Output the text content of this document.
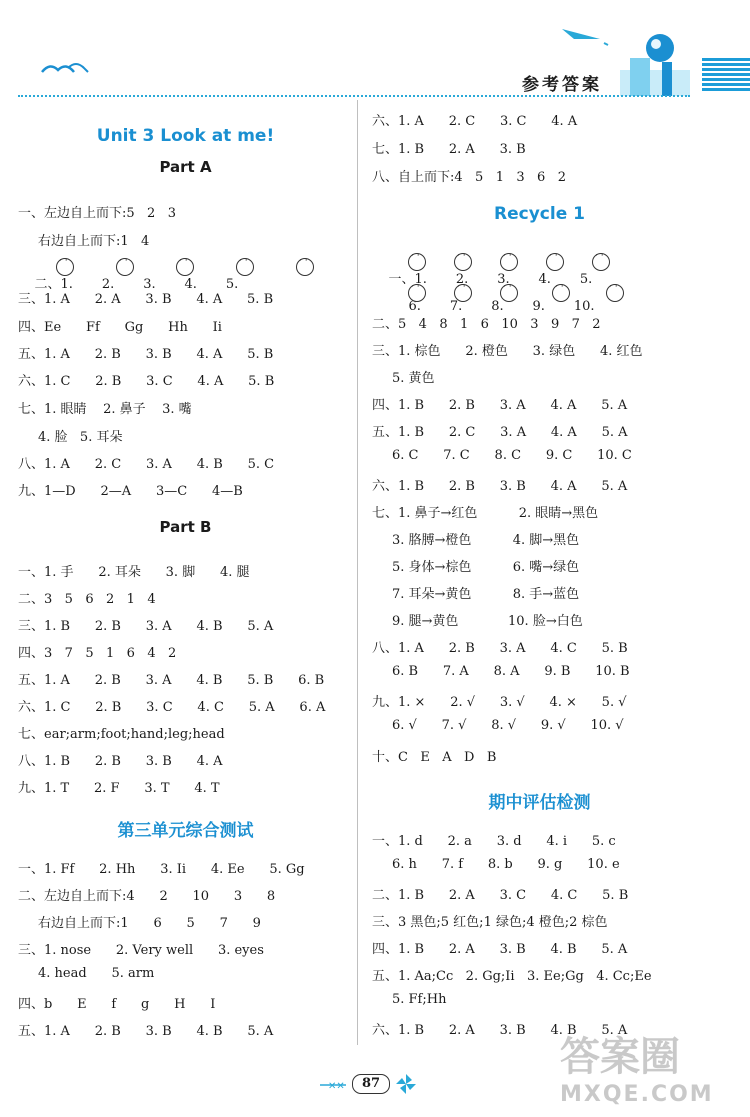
参考答案
Unit 3 Look at me!
Part A
一、左边自上而下:5   2   3
右边自上而下:1   4

二、1.       2.       3.       4.       5.

· ·

· ·

· ·

· ·

· ·

三、1. A      2. A      3. B      4. A      5. B
四、Ee      Ff      Gg      Hh      Ii
五、1. A      2. B      3. B      4. A      5. B
六、1. C      2. B      3. C      4. A      5. B
七、1. 眼睛    2. 鼻子    3. 嘴
4. 脸   5. 耳朵
八、1. A      2. C      3. A      4. B      5. C
九、1—D      2—A      3—C      4—B
Part B
一、1. 手      2. 耳朵      3. 脚      4. 腿
二、3   5   6   2   1   4
三、1. B      2. B      3. A      4. B      5. A
四、3   7   5   1   6   4   2
五、1. A      2. B      3. A      4. B      5. B      6. B
六、1. C      2. B      3. C      4. C      5. A      6. A
七、ear;arm;foot;hand;leg;head
八、1. B      2. B      3. B      4. A
九、1. T      2. F      3. T      4. T
第三单元综合测试
一、1. Ff      2. Hh      3. Ii      4. Ee      5. Gg
二、左边自上而下:4      2      10      3      8
右边自上而下:1      6      5      7      9
三、1. nose      2. Very well      3. eyes
4. head      5. arm
四、b      E      f      g      H      I
五、1. A      2. B      3. B      4. B      5. A
六、1. A      2. C      3. C      4. A
七、1. B      2. A      3. B
八、自上而下:4   5   1   3   6   2
Recycle 1

一、1.       2.       3.       4.       5.

· ·

· ·

· ·

· ·

· ·

6.       7.       8.       9.       10.

· ·

· ·

· ·

· ·

· ·

二、5   4   8   1   6   10   3   9   7   2
三、1. 棕色      2. 橙色      3. 绿色      4. 红色
5. 黄色
四、1. B      2. B      3. A      4. A      5. A
五、1. B      2. C      3. A      4. A      5. A
6. C      7. C      8. C      9. C      10. C
六、1. B      2. B      3. B      4. A      5. A
七、1. 鼻子→红色          2. 眼睛→黑色
3. 胳膊→橙色          4. 脚→黑色
5. 身体→棕色          6. 嘴→绿色
7. 耳朵→黄色          8. 手→蓝色
9. 腿→黄色            10. 脸→白色
八、1. A      2. B      3. A      4. C      5. B
6. B      7. A      8. A      9. B      10. B
九、1. ×      2. √      3. √      4. ×      5. √
6. √      7. √      8. √      9. √      10. √
十、C   E   A   D   B
期中评估检测
一、1. d      2. a      3. d      4. i      5. c
6. h      7. f      8. b      9. g      10. e
二、1. B      2. A      3. C      4. C      5. B
三、3 黑色;5 红色;1 绿色;4 橙色;2 棕色
四、1. B      2. A      3. B      4. B      5. A
五、1. Aa;Cc   2. Gg;Ii   3. Ee;Gg   4. Cc;Ee
5. Ff;Hh
六、1. B      2. A      3. B      4. B      5. A
✕✕	87
答案圈
MXQE.COM
